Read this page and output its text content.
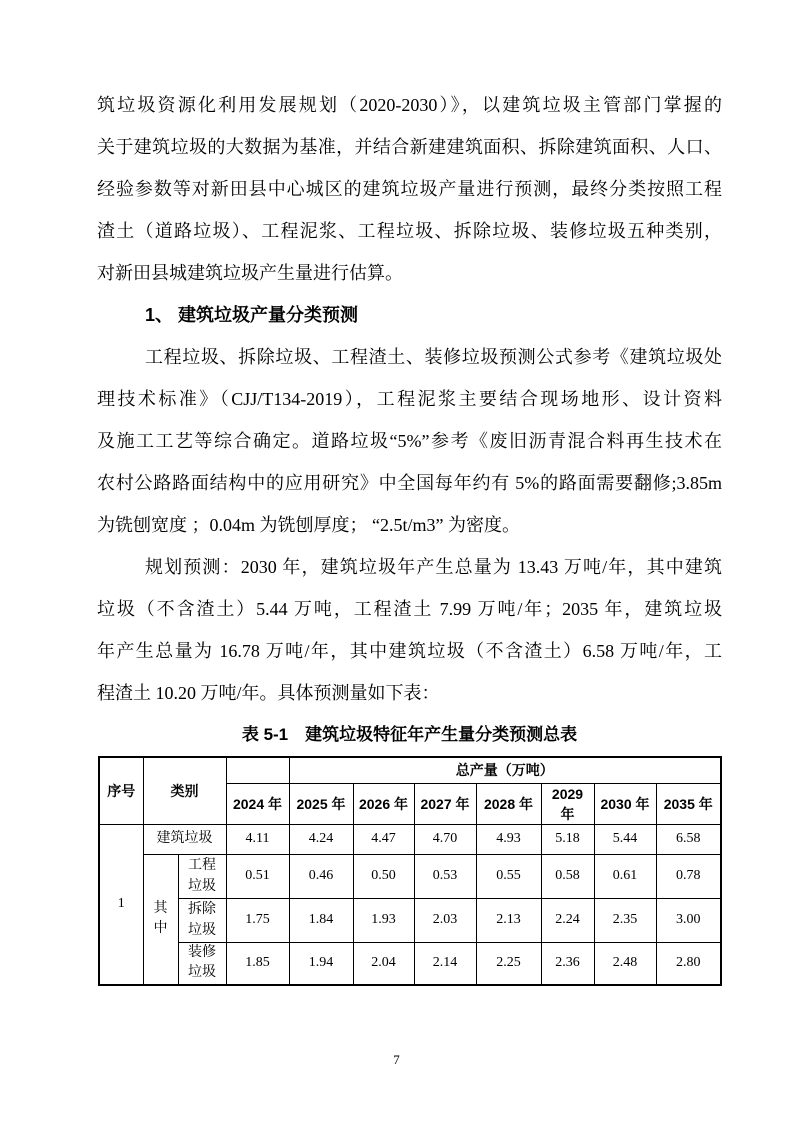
筑垃圾资源化利用发展规划（2020-2030）》，以建筑垃圾主管部门掌握的
关于建筑垃圾的大数据为基准，并结合新建建筑面积、拆除建筑面积、人口、
经验参数等对新田县中心城区的建筑垃圾产量进行预测，最终分类按照工程
渣土（道路垃圾）、工程泥浆、工程垃圾、拆除垃圾、装修垃圾五种类别，
对新田县城建筑垃圾产生量进行估算。
1、 建筑垃圾产量分类预测
工程垃圾、拆除垃圾、工程渣土、装修垃圾预测公式参考《建筑垃圾处
理技术标准》（CJJ/T134-2019），工程泥浆主要结合现场地形、设计资料
及施工工艺等综合确定。道路垃圾“5%”参考《废旧沥青混合料再生技术在
农村公路路面结构中的应用研究》中全国每年约有 5%的路面需要翻修;3.85m
为铣刨宽度 ；0.04m 为铣刨厚度； “2.5t/m3” 为密度。
规划预测：2030 年，建筑垃圾年产生总量为 13.43 万吨/年，其中建筑
垃圾（不含渣土）5.44 万吨，工程渣土 7.99 万吨/年；2035 年，建筑垃圾
年产生总量为 16.78 万吨/年，其中建筑垃圾（不含渣土）6.58 万吨/年，工
程渣土 10.20 万吨/年。具体预测量如下表：
表 5-1　建筑垃圾特征年产生量分类预测总表
序号	类别			总产量（万吨）						
			2024 年	2025 年	2026 年	2027 年	2028 年	2029 年	2030 年	2035 年
1	建筑垃圾		4.11	4.24	4.47	4.70	4.93	5.18	5.44	6.58
	其中	工程垃圾	0.51	0.46	0.50	0.53	0.55	0.58	0.61	0.78
		拆除垃圾	1.75	1.84	1.93	2.03	2.13	2.24	2.35	3.00
		装修垃圾	1.85	1.94	2.04	2.14	2.25	2.36	2.48	2.80
7
